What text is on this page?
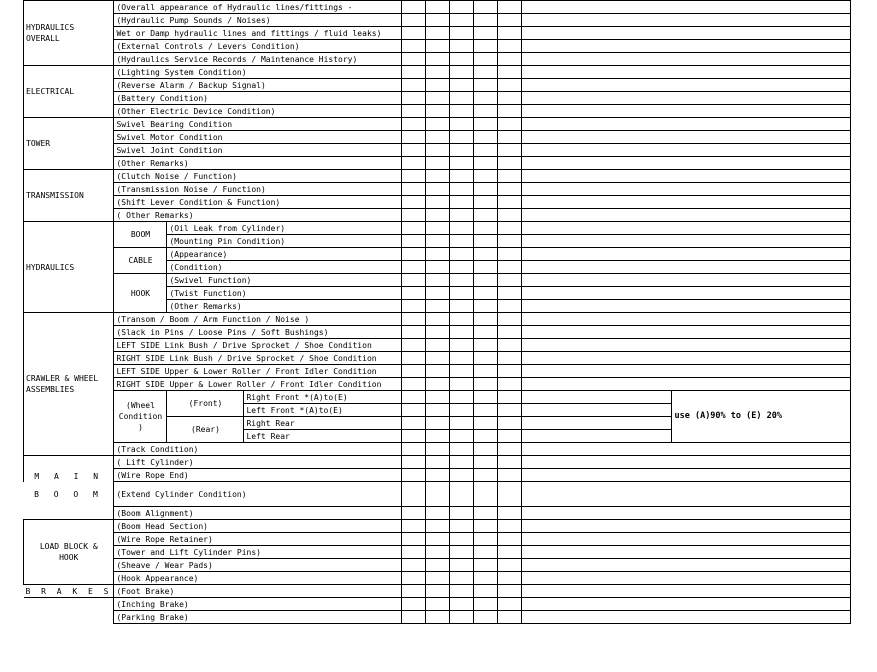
HYDRAULICS OVERALL	(Overall appearance of Hydraulic lines/fittings -									
	(Hydraulic Pump Sounds / Noises)									
	Wet or Damp hydraulic lines and fittings / fluid leaks)									
	(External Controls / Levers Condition)									
	(Hydraulics Service Records / Maintenance History)									
ELECTRICAL	(Lighting System Condition)									
	(Reverse Alarm / Backup Signal)									
	(Battery Condition)									
	(Other Electric Device Condition)									
TOWER	Swivel Bearing Condition									
	Swivel Motor Condition									
	Swivel Joint Condition									
	(Other Remarks)									
TRANSMISSION	(Clutch Noise / Function)									
	(Transmission Noise / Function)									
	(Shift Lever Condition & Function)									
	( Other Remarks)									
HYDRAULICS	BOOM	(Oil Leak from Cylinder)								
		(Mounting Pin Condition)								
	CABLE	(Appearance)								
		(Condition)								
	HOOK	(Swivel Function)								
		(Twist Function)								
		(Other Remarks)								
CRAWLER & WHEEL ASSEMBLIES	(Transom / Boom / Arm Function / Noise )									
	(Slack in Pins / Loose Pins / Soft Bushings)									
	LEFT SIDE Link Bush / Drive Sprocket / Shoe Condition									
	RIGHT SIDE Link Bush / Drive Sprocket / Shoe Condition									
	LEFT SIDE Upper & Lower Roller / Front Idler Condition									
	RIGHT SIDE Upper & Lower Roller / Front Idler Condition									
	(Wheel Condition )	(Front)	Right Front *(A)to(E)							use (A)90% to (E) 20%
			Left Front *(A)to(E)							
		(Rear)	Right Rear							
			Left Rear							
	(Track Condition)									
M A I N	( Lift Cylinder)									
	(Wire Rope End)									
B O O M	(Extend Cylinder Condition)									
	(Boom Alignment)									
LOAD BLOCK & HOOK	(Boom Head Section)									
	(Wire Rope Retainer)									
	(Tower and Lift Cylinder Pins)									
	(Sheave / Wear Pads)									
	(Hook Appearance)									
B R A K E S	(Foot Brake)									
	(Inching Brake)									
	(Parking Brake)									
